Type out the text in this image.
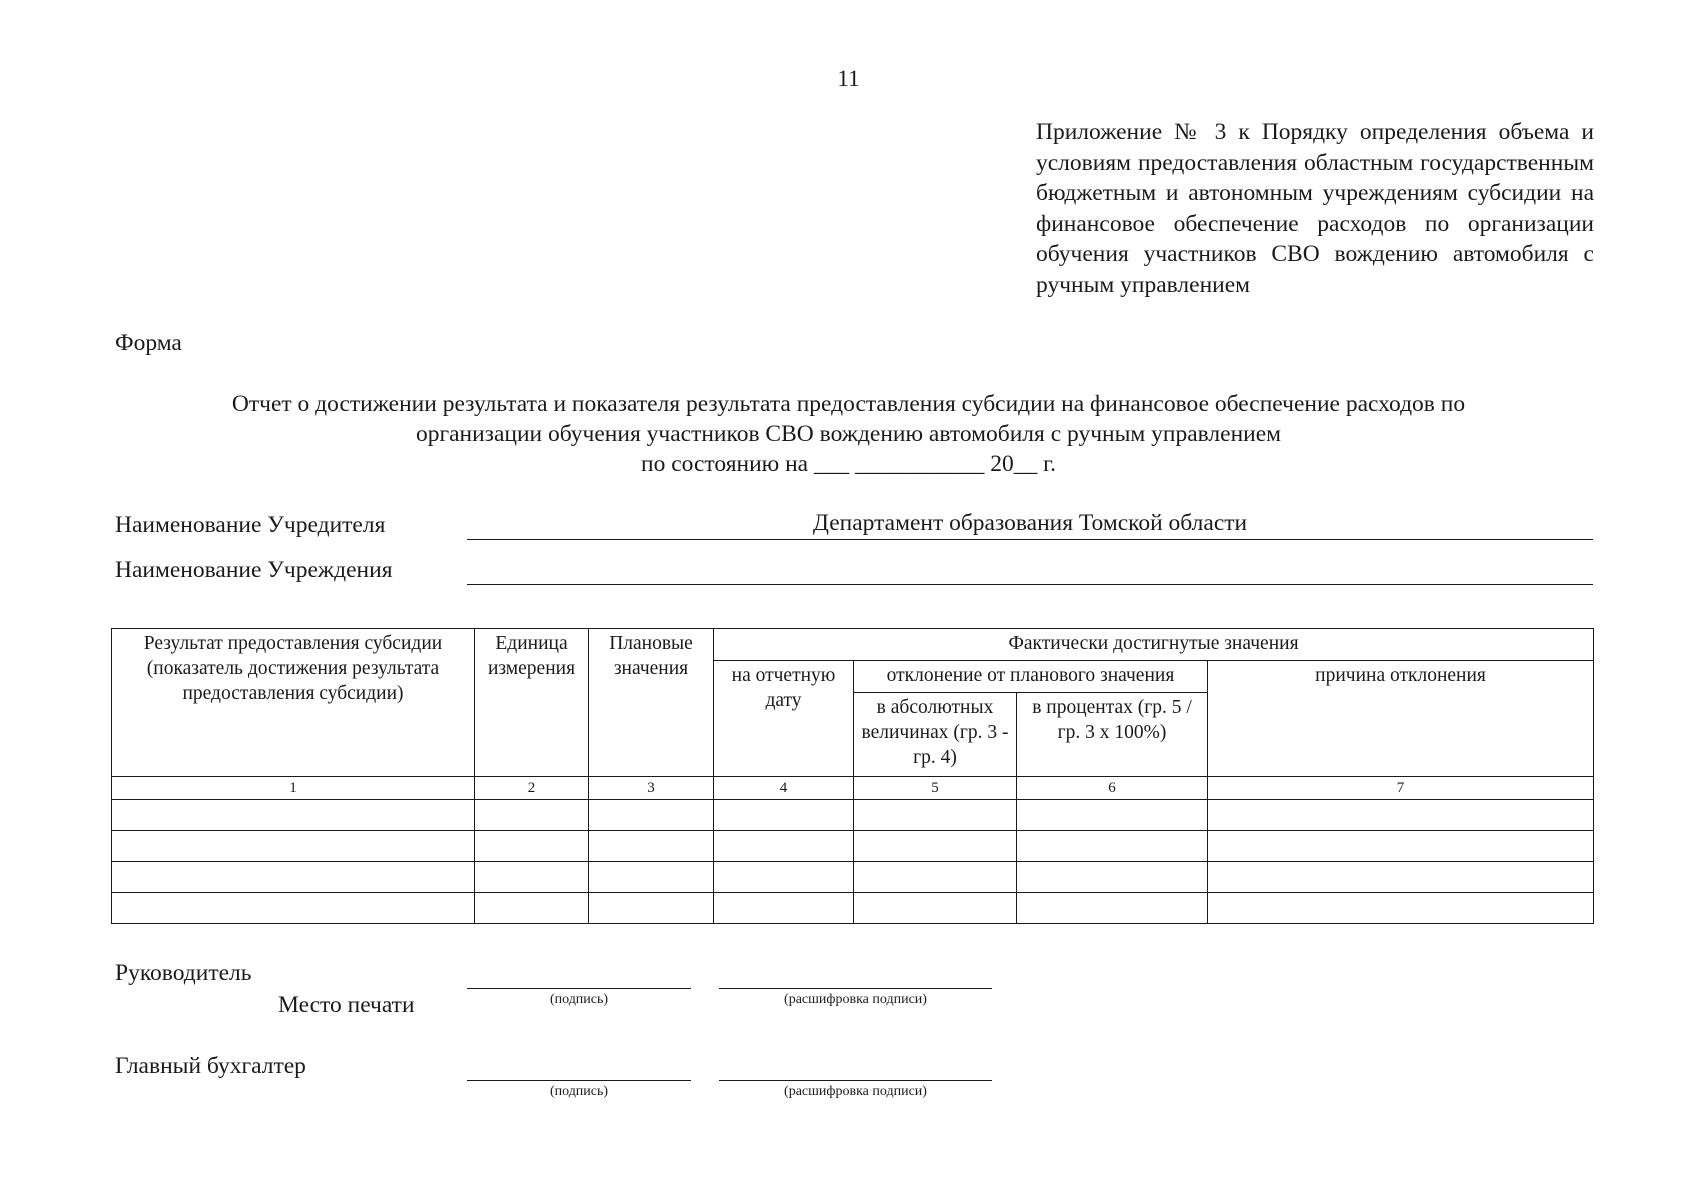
11
Приложение № 3 к Порядку определения объема и условиям предоставления областным государственным бюджетным и автономным учреждениям субсидии на финансовое обеспечение расходов по организации обучения участников СВО вождению автомобиля с ручным управлением
Форма
Отчет о достижении результата и показателя результата предоставления субсидии на финансовое обеспечение расходов по
организации обучения участников СВО вождению автомобиля с ручным управлением
по состоянию на ___ ___________ 20__ г.
Наименование Учредителя	Департамент образования Томской области
Наименование Учреждения
Результат предоставления субсидии (показатель достижения результата предоставления субсидии)	Единица измерения	Плановые значения	Фактически достигнутые значения			
			на отчетную дату	отклонение от планового значения		причина отклонения
				в абсолютных величинах (гр. 3 - гр. 4)	в процентах (гр. 5 / гр. 3 x 100%)	
1	2	3	4	5	6	7

Руководитель
Место печати	(подпись)	(расшифровка подписи)
Главный бухгалтер
(подпись)	(расшифровка подписи)
